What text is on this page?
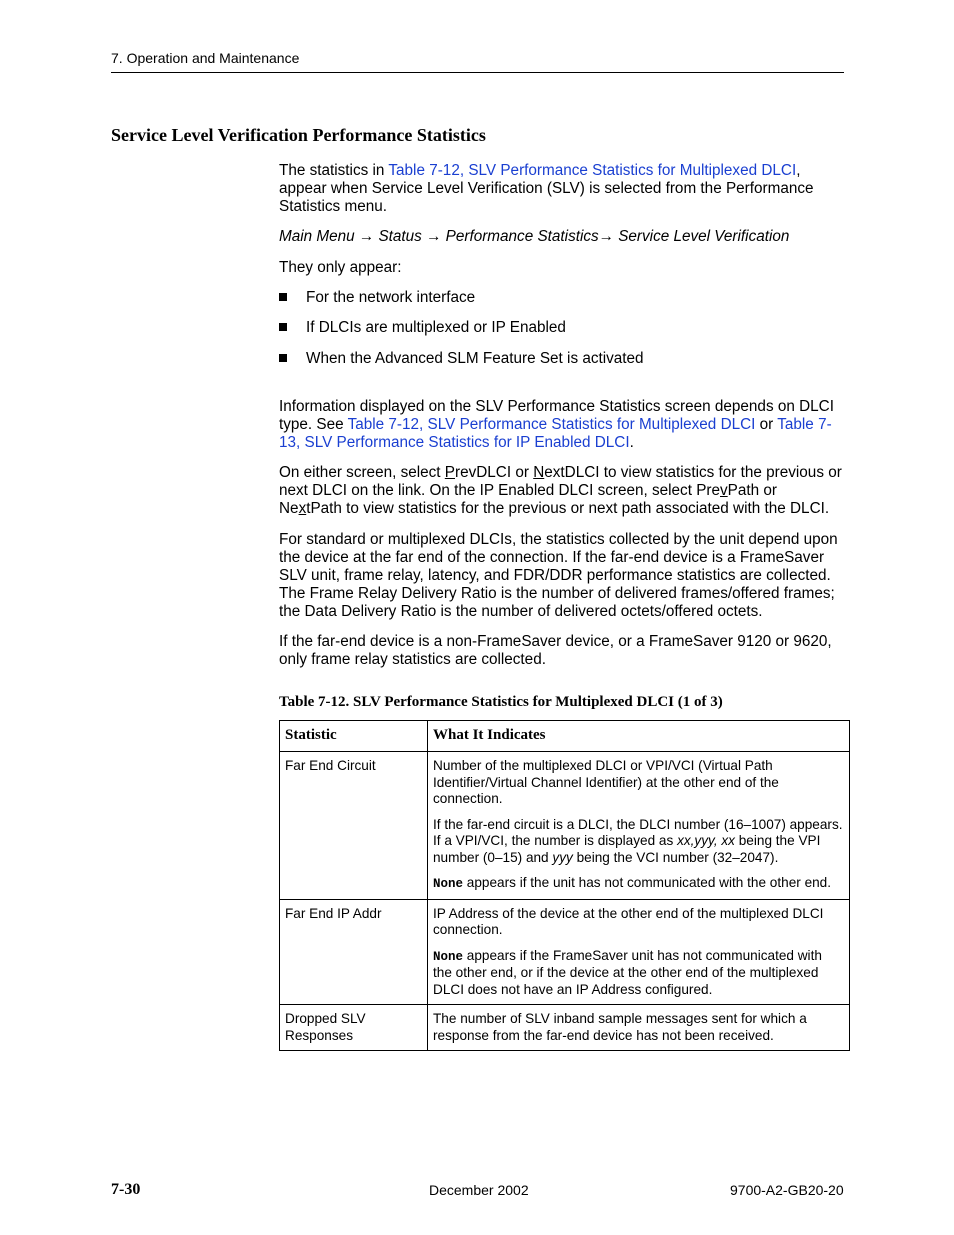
7. Operation and Maintenance
Service Level Verification Performance Statistics
The statistics in Table 7-12, SLV Performance Statistics for Multiplexed DLCI, appear when Service Level Verification (SLV) is selected from the Performance Statistics menu.
Main Menu → Status → Performance Statistics→ Service Level Verification
They only appear:
For the network interface
If DLCIs are multiplexed or IP Enabled
When the Advanced SLM Feature Set is activated
Information displayed on the SLV Performance Statistics screen depends on DLCI type. See Table 7-12, SLV Performance Statistics for Multiplexed DLCI or Table 7-13, SLV Performance Statistics for IP Enabled DLCI.
On either screen, select PrevDLCI or NextDLCI to view statistics for the previous or next DLCI on the link. On the IP Enabled DLCI screen, select PrevPath or NextPath to view statistics for the previous or next path associated with the DLCI.
For standard or multiplexed DLCIs, the statistics collected by the unit depend upon the device at the far end of the connection. If the far-end device is a FrameSaver SLV unit, frame relay, latency, and FDR/DDR performance statistics are collected. The Frame Relay Delivery Ratio is the number of delivered frames/offered frames; the Data Delivery Ratio is the number of delivered octets/offered octets.
If the far-end device is a non-FrameSaver device, or a FrameSaver 9120 or 9620, only frame relay statistics are collected.
Table 7-12. SLV Performance Statistics for Multiplexed DLCI (1 of 3)
Statistic	What It Indicates
Far End Circuit	Number of the multiplexed DLCI or VPI/VCI (Virtual Path Identifier/Virtual Channel Identifier) at the other end of the connection.

If the far-end circuit is a DLCI, the DLCI number (16–1007) appears. If a VPI/VCI, the number is displayed as xx,yyy, xx being the VPI number (0–15) and yyy being the VCI number (32–2047).

None appears if the unit has not communicated with the other end.

Far End IP Addr	IP Address of the device at the other end of the multiplexed DLCI connection.

None appears if the FrameSaver unit has not communicated with the other end, or if the device at the other end of the multiplexed DLCI does not have an IP Address configured.

Dropped SLV Responses	The number of SLV inband sample messages sent for which a response from the far-end device has not been received.

7-30	December 2002	9700-A2-GB20-20
